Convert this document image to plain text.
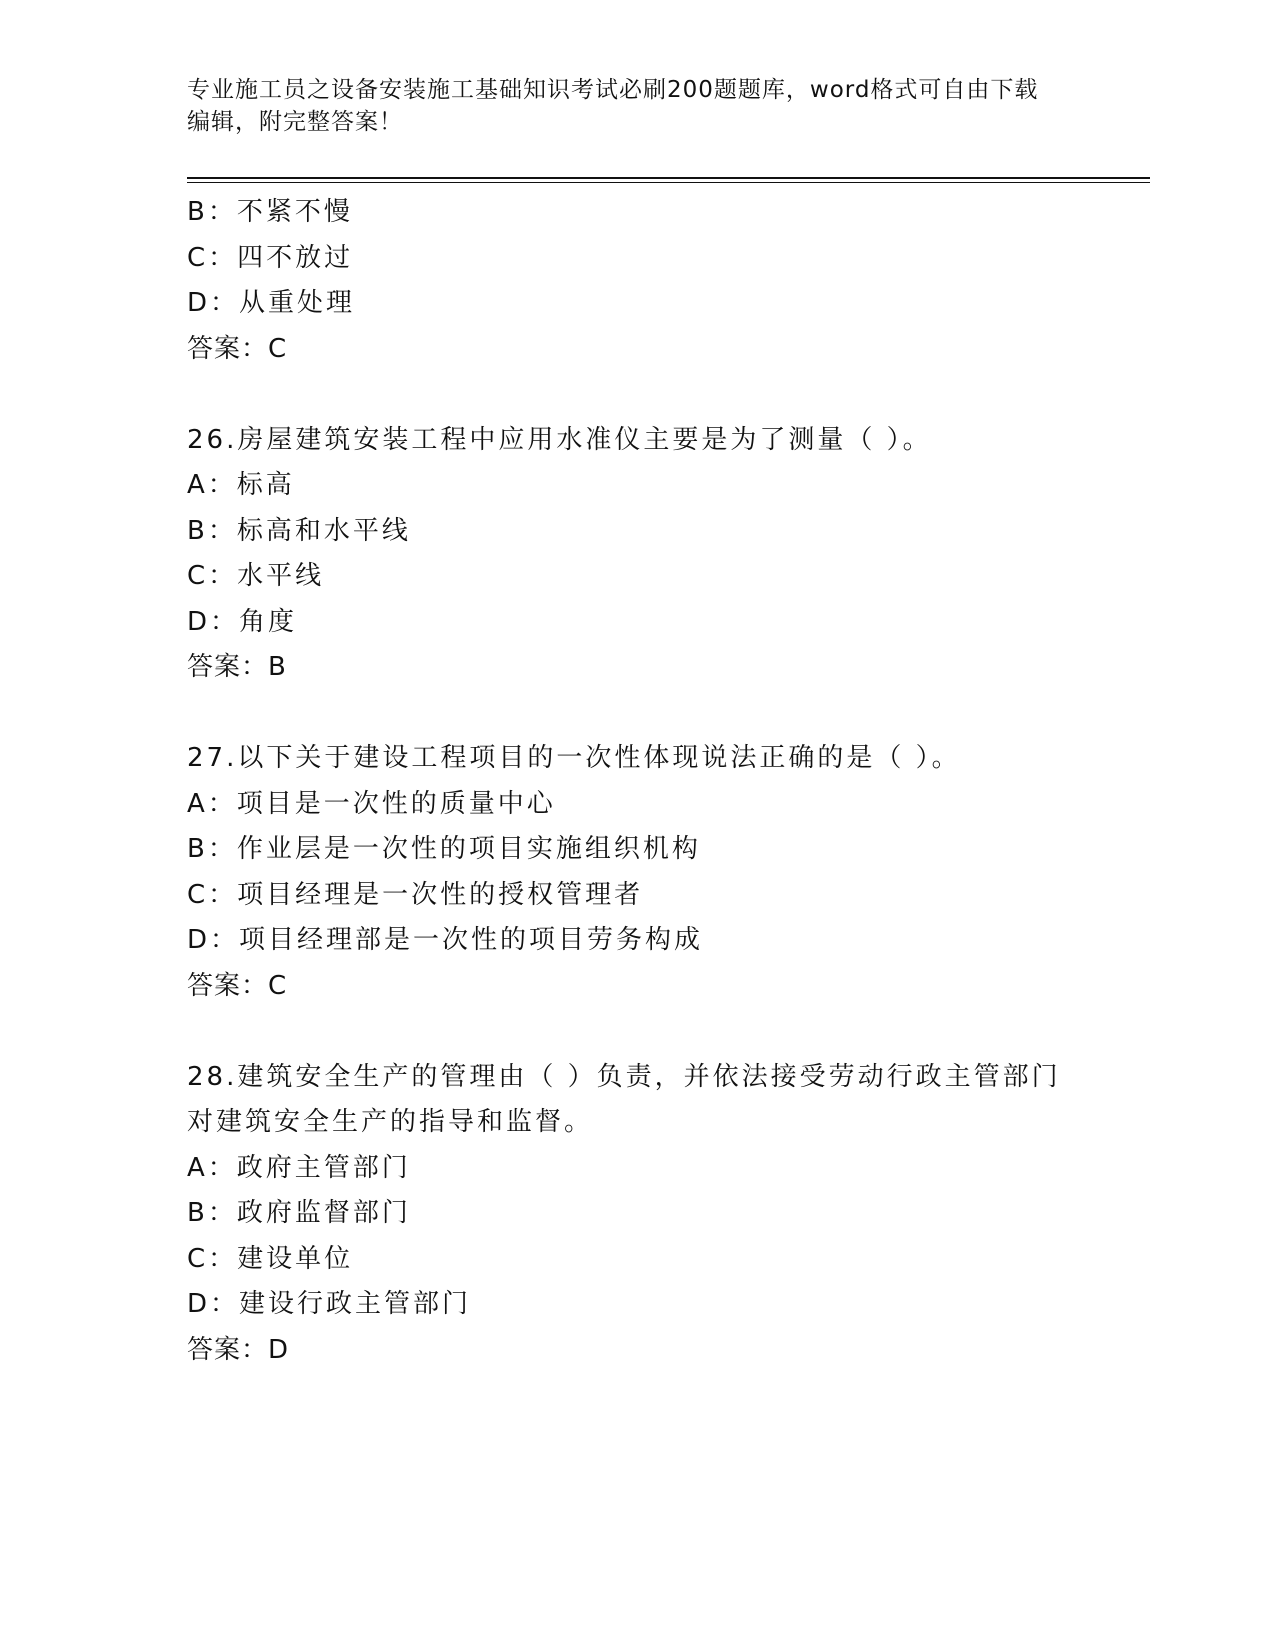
专业施工员之设备安装施工基础知识考试必刷200题题库，word格式可自由下载
编辑，附完整答案！
B：不紧不慢
C：四不放过
D：从重处理
答案：C
26.房屋建筑安装工程中应用水准仪主要是为了测量（ ）。
A：标高
B：标高和水平线
C：水平线
D：角度
答案：B
27.以下关于建设工程项目的一次性体现说法正确的是（ ）。
A：项目是一次性的质量中心
B：作业层是一次性的项目实施组织机构
C：项目经理是一次性的授权管理者
D：项目经理部是一次性的项目劳务构成
答案：C
28.建筑安全生产的管理由（ ）负责，并依法接受劳动行政主管部门
对建筑安全生产的指导和监督。
A：政府主管部门
B：政府监督部门
C：建设单位
D：建设行政主管部门
答案：D
